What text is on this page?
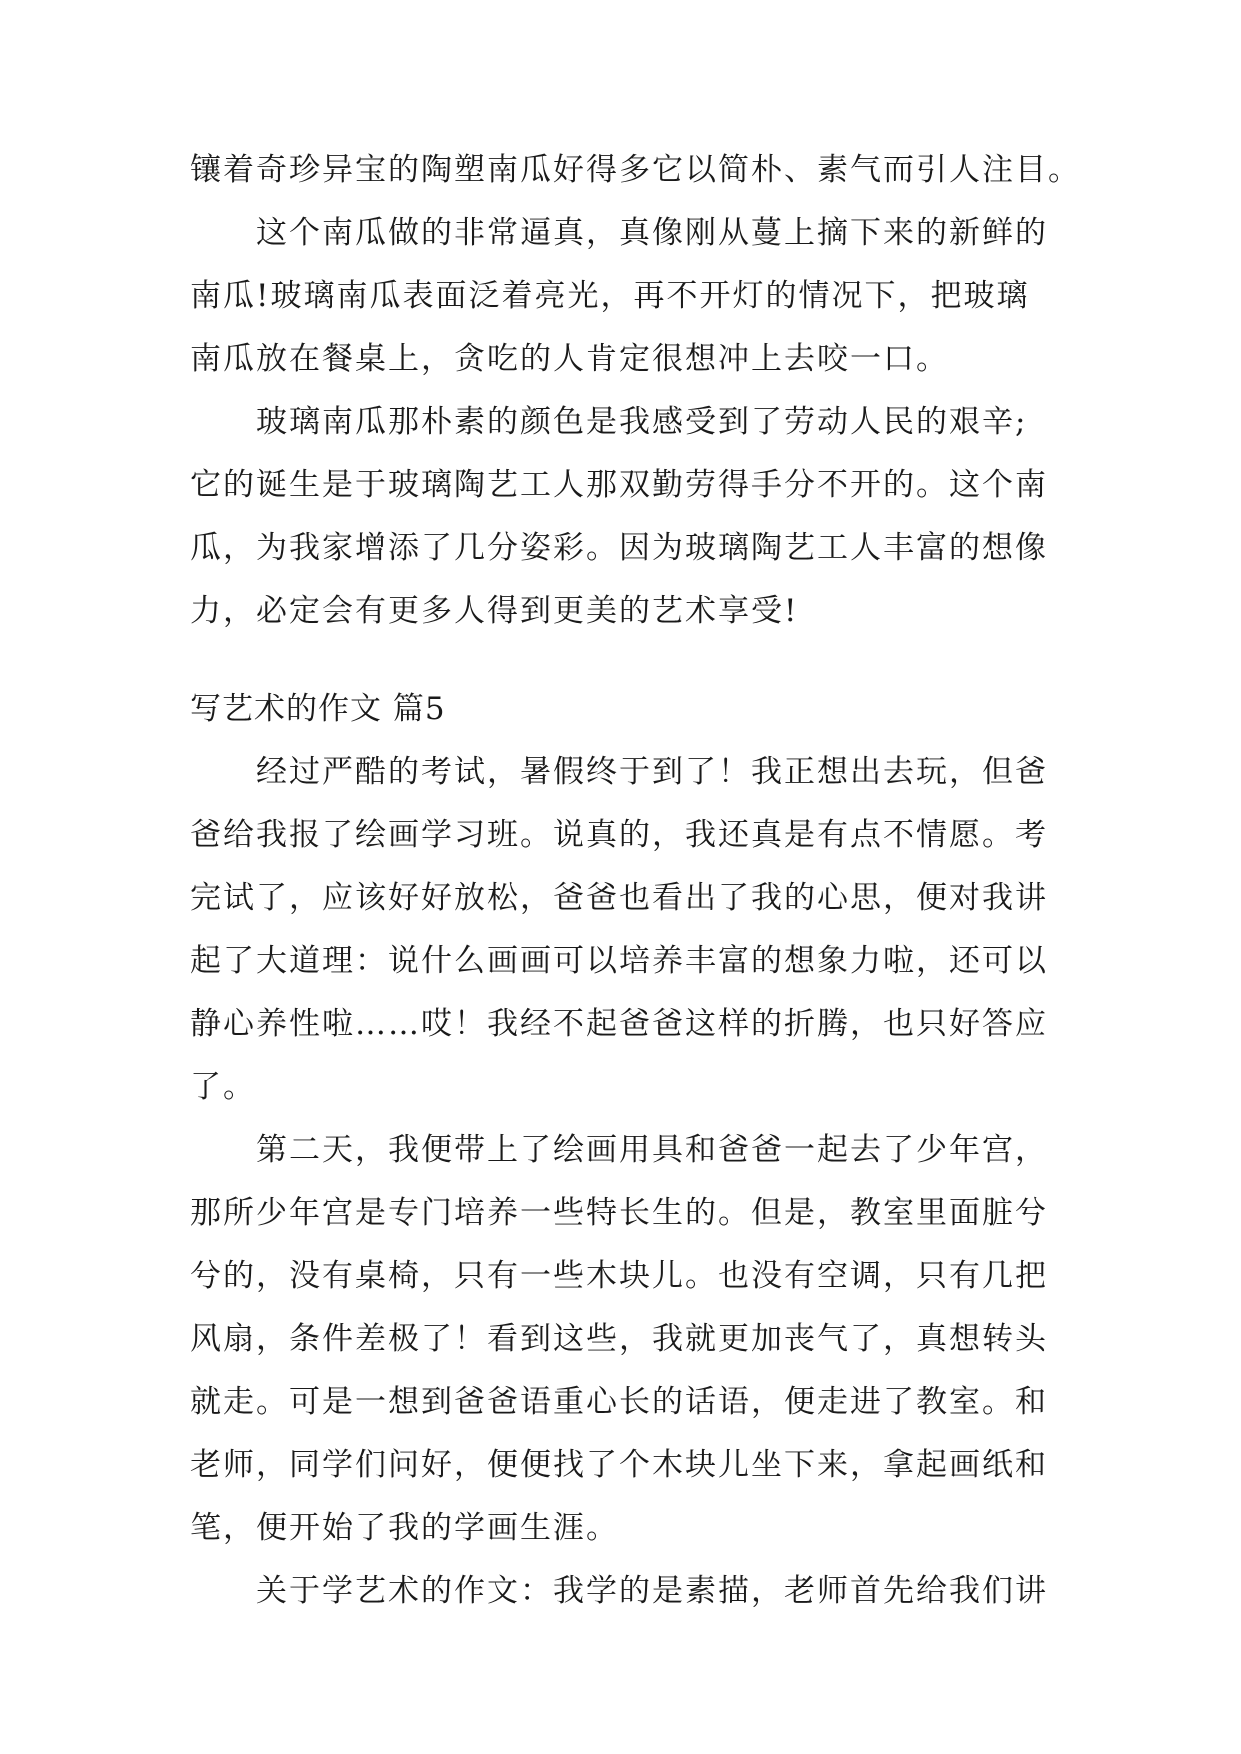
镶着奇珍异宝的陶塑南瓜好得多它以简朴、素气而引人注目。
　　这个南瓜做的非常逼真，真像刚从蔓上摘下来的新鲜的
南瓜!玻璃南瓜表面泛着亮光，再不开灯的情况下，把玻璃
南瓜放在餐桌上，贪吃的人肯定很想冲上去咬一口。
　　玻璃南瓜那朴素的颜色是我感受到了劳动人民的艰辛;
它的诞生是于玻璃陶艺工人那双勤劳得手分不开的。这个南
瓜，为我家增添了几分姿彩。因为玻璃陶艺工人丰富的想像
力，必定会有更多人得到更美的艺术享受!
写艺术的作文 篇5
　　经过严酷的考试，暑假终于到了！我正想出去玩，但爸
爸给我报了绘画学习班。说真的，我还真是有点不情愿。考
完试了，应该好好放松，爸爸也看出了我的心思，便对我讲
起了大道理：说什么画画可以培养丰富的想象力啦，还可以
静心养性啦……哎！我经不起爸爸这样的折腾，也只好答应
了。
　　第二天，我便带上了绘画用具和爸爸一起去了少年宫，
那所少年宫是专门培养一些特长生的。但是，教室里面脏兮
兮的，没有桌椅，只有一些木块儿。也没有空调，只有几把
风扇，条件差极了！看到这些，我就更加丧气了，真想转头
就走。可是一想到爸爸语重心长的话语，便走进了教室。和
老师，同学们问好，便便找了个木块儿坐下来，拿起画纸和
笔，便开始了我的学画生涯。
　　关于学艺术的作文：我学的是素描，老师首先给我们讲
